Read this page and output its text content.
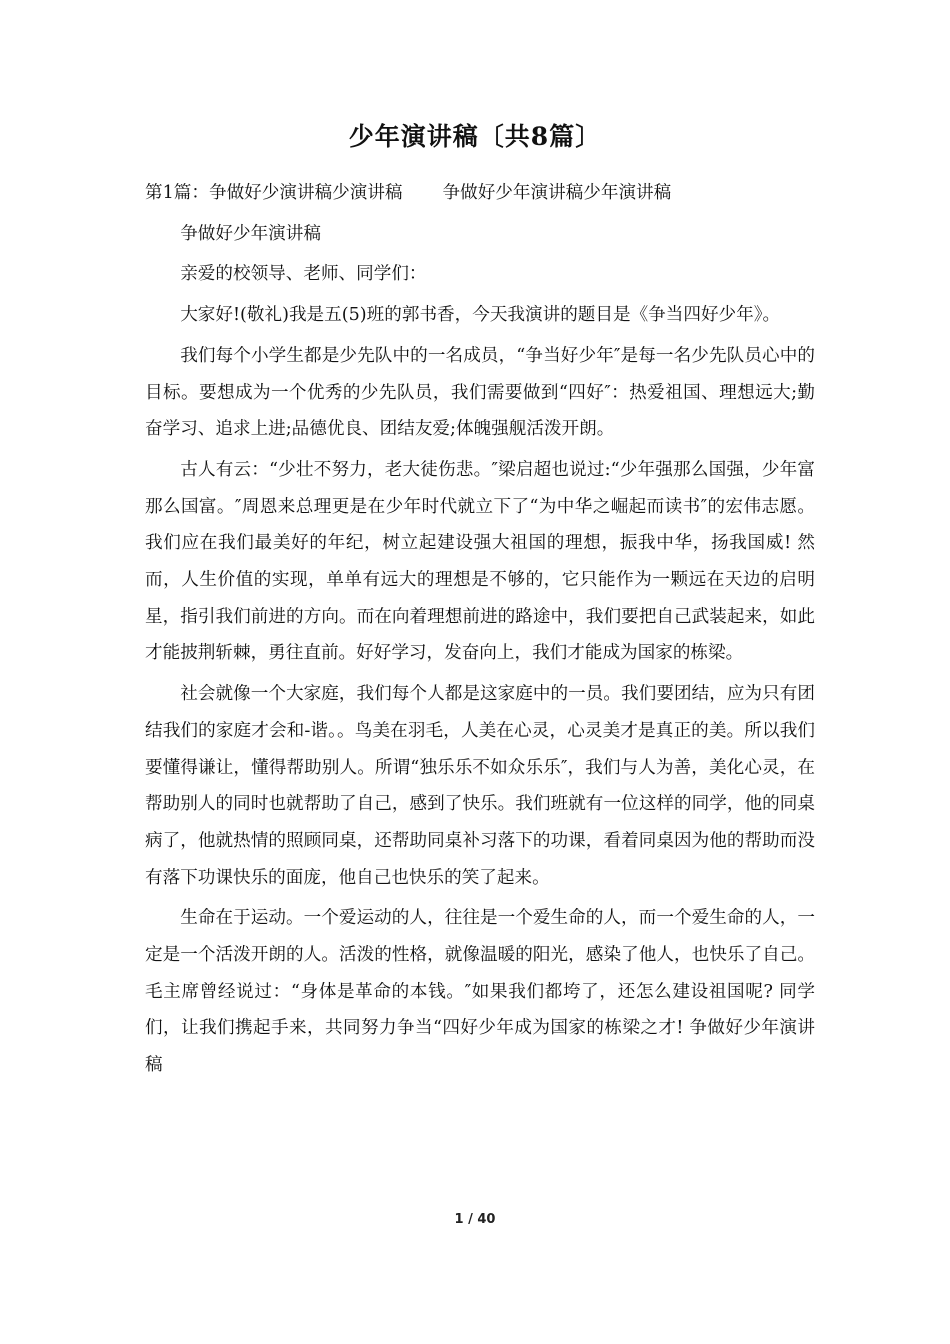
少年演讲稿〔共8篇〕

第1篇：争做好少演讲稿少演讲稿 争做好少年演讲稿少年演讲稿

争做好少年演讲稿

亲爱的校领导、老师、同学们：

大家好!(敬礼)我是五(5)班的郭书香，今天我演讲的题目是《争当四好少年》。

我们每个小学生都是少先队中的一名成员，“争当好少年″是每一名少先队员心中的目标。要想成为一个优秀的少先队员，我们需要做到“四好″：热爱祖国、理想远大;勤奋学习、追求上进;品德优良、团结友爱;体魄强舰活泼开朗。

古人有云：“少壮不努力，老大徒伤悲。″梁启超也说过:“少年强那么国强，少年富那么国富。″周恩来总理更是在少年时代就立下了“为中华之崛起而读书″的宏伟志愿。我们应在我们最美好的年纪，树立起建设强大祖国的理想，振我中华，扬我国威! 然而，人生价值的实现，单单有远大的理想是不够的，它只能作为一颗远在天边的启明星，指引我们前进的方向。而在向着理想前进的路途中，我们要把自己武装起来，如此才能披荆斩棘，勇往直前。好好学习，发奋向上，我们才能成为国家的栋梁。

社会就像一个大家庭，我们每个人都是这家庭中的一员。我们要团结，应为只有团结我们的家庭才会和-谐。。鸟美在羽毛，人美在心灵，心灵美才是真正的美。所以我们要懂得谦让，懂得帮助别人。所谓“独乐乐不如众乐乐″，我们与人为善，美化心灵，在帮助别人的同时也就帮助了自己，感到了快乐。我们班就有一位这样的同学，他的同桌病了，他就热情的照顾同桌，还帮助同桌补习落下的功课，看着同桌因为他的帮助而没有落下功课快乐的面庞，他自己也快乐的笑了起来。

生命在于运动。一个爱运动的人，往往是一个爱生命的人，而一个爱生命的人，一定是一个活泼开朗的人。活泼的性格，就像温暖的阳光，感染了他人，也快乐了自己。毛主席曾经说过：“身体是革命的本钱。″如果我们都垮了，还怎么建设祖国呢? 同学们，让我们携起手来，共同努力争当“四好少年成为国家的栋梁之才! 争做好少年演讲稿

1 / 40
